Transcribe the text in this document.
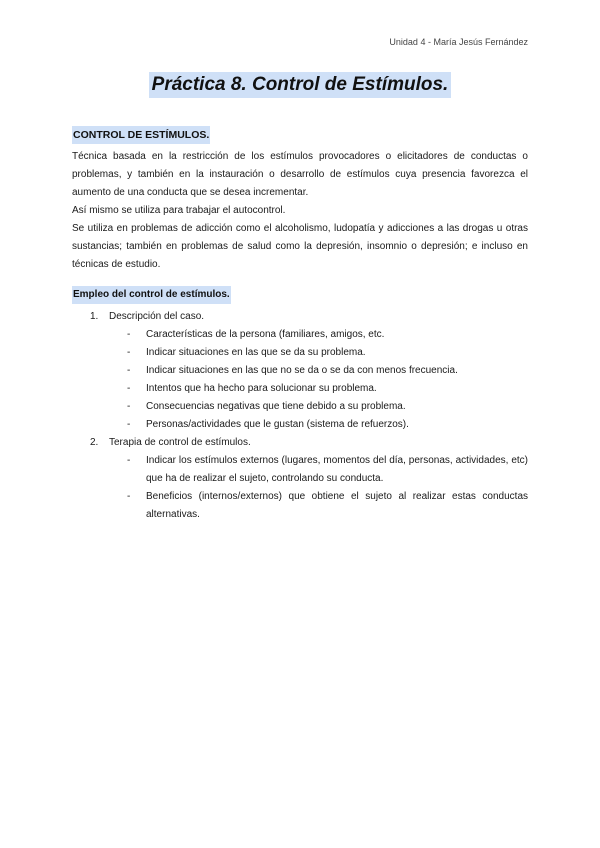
Unidad 4 - María Jesús Fernández
Práctica 8. Control de Estímulos.
CONTROL DE ESTÍMULOS.

Técnica basada en la restricción de los estímulos provocadores o elicitadores de conductas o problemas, y también en la instauración o desarrollo de estímulos cuya presencia favorezca el aumento de una conducta que se desea incrementar.

Así mismo se utiliza para trabajar el autocontrol.

Se utiliza en problemas de adicción como el alcoholismo, ludopatía y adicciones a las drogas u otras sustancias; también en problemas de salud como la depresión, insomnio o depresión; e incluso en técnicas de estudio.

Empleo del control de estímulos.
1. Descripción del caso.
- Características de la persona (familiares, amigos, etc.
- Indicar situaciones en las que se da su problema.
- Indicar situaciones en las que no se da o se da con menos frecuencia.
- Intentos que ha hecho para solucionar su problema.
- Consecuencias negativas que tiene debido a su problema.
- Personas/actividades que le gustan (sistema de refuerzos).
2. Terapia de control de estímulos.
- Indicar los estímulos externos (lugares, momentos del día, personas, actividades, etc) que ha de realizar el sujeto, controlando su conducta.
- Beneficios (internos/externos) que obtiene el sujeto al realizar estas conductas alternativas.
